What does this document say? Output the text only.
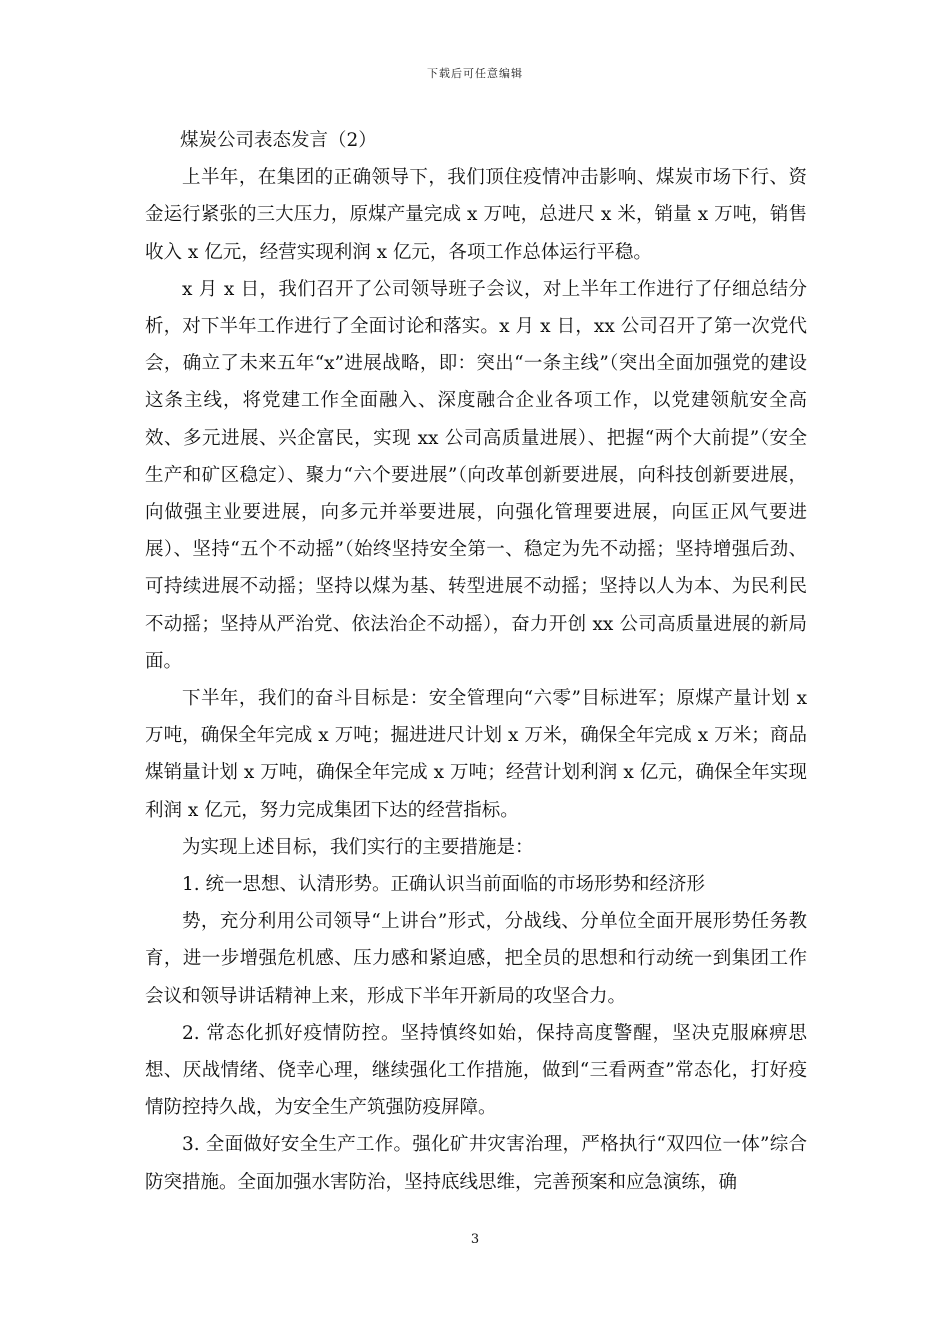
下载后可任意编辑

煤炭公司表态发言（2）

上半年，在集团的正确领导下，我们顶住疫情冲击影响、煤炭市场下行、资金运行紧张的三大压力，原煤产量完成 x 万吨，总进尺 x 米，销量 x 万吨，销售收入 x 亿元，经营实现利润 x 亿元，各项工作总体运行平稳。

x 月 x 日，我们召开了公司领导班子会议，对上半年工作进行了仔细总结分析，对下半年工作进行了全面讨论和落实。x 月 x 日，xx 公司召开了第一次党代会，确立了未来五年“x”进展战略，即：突出“一条主线”（突出全面加强党的建设这条主线，将党建工作全面融入、深度融合企业各项工作，以党建领航安全高效、多元进展、兴企富民，实现 xx 公司高质量进展）、把握“两个大前提”（安全生产和矿区稳定）、聚力“六个要进展”（向改革创新要进展，向科技创新要进展，向做强主业要进展，向多元并举要进展，向强化管理要进展，向匡正风气要进展）、坚持“五个不动摇”（始终坚持安全第一、稳定为先不动摇；坚持增强后劲、可持续进展不动摇；坚持以煤为基、转型进展不动摇；坚持以人为本、为民利民不动摇；坚持从严治党、依法治企不动摇），奋力开创 xx 公司高质量进展的新局面。

下半年，我们的奋斗目标是：安全管理向“六零”目标进军；原煤产量计划 x 万吨，确保全年完成 x 万吨；掘进进尺计划 x 万米，确保全年完成 x 万米；商品煤销量计划 x 万吨，确保全年完成 x 万吨；经营计划利润 x 亿元，确保全年实现利润 x 亿元，努力完成集团下达的经营指标。

为实现上述目标，我们实行的主要措施是：

1. 统一思想、认清形势。正确认识当前面临的市场形势和经济形

势，充分利用公司领导“上讲台”形式，分战线、分单位全面开展形势任务教育，进一步增强危机感、压力感和紧迫感，把全员的思想和行动统一到集团工作会议和领导讲话精神上来，形成下半年开新局的攻坚合力。

2. 常态化抓好疫情防控。坚持慎终如始，保持高度警醒，坚决克服麻痹思想、厌战情绪、侥幸心理，继续强化工作措施，做到“三看两查”常态化，打好疫情防控持久战，为安全生产筑强防疫屏障。

3. 全面做好安全生产工作。强化矿井灾害治理，严格执行“双四位一体”综合防突措施。全面加强水害防治，坚持底线思维，完善预案和应急演练，确

3
